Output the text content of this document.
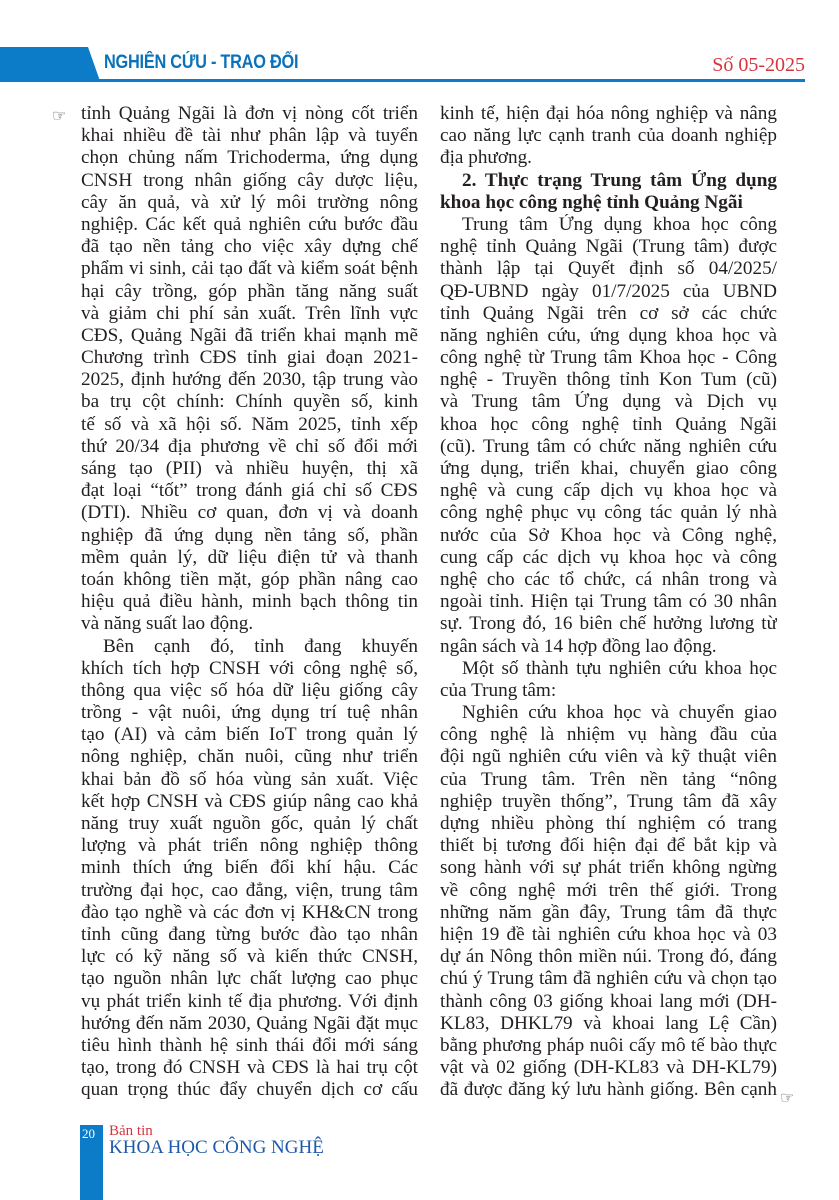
NGHIÊN CỨU - TRAO ĐỔI	Số 05-2025
☞ tỉnh Quảng Ngãi là đơn vị nòng cốt triển
khai nhiều đề tài như phân lập và tuyển
chọn chủng nấm Trichoderma, ứng dụng
CNSH trong nhân giống cây dược liệu,
cây ăn quả, và xử lý môi trường nông
nghiệp. Các kết quả nghiên cứu bước đầu
đã tạo nền tảng cho việc xây dựng chế
phẩm vi sinh, cải tạo đất và kiểm soát bệnh
hại cây trồng, góp phần tăng năng suất
và giảm chi phí sản xuất. Trên lĩnh vực
CĐS, Quảng Ngãi đã triển khai mạnh mẽ
Chương trình CĐS tỉnh giai đoạn 2021-
2025, định hướng đến 2030, tập trung vào
ba trụ cột chính: Chính quyền số, kinh
tế số và xã hội số. Năm 2025, tỉnh xếp
thứ 20/34 địa phương về chỉ số đổi mới
sáng tạo (PII) và nhiều huyện, thị xã
đạt loại “tốt” trong đánh giá chỉ số CĐS
(DTI). Nhiều cơ quan, đơn vị và doanh
nghiệp đã ứng dụng nền tảng số, phần
mềm quản lý, dữ liệu điện tử và thanh
toán không tiền mặt, góp phần nâng cao
hiệu quả điều hành, minh bạch thông tin
và năng suất lao động.
Bên cạnh đó, tỉnh đang khuyến
khích tích hợp CNSH với công nghệ số,
thông qua việc số hóa dữ liệu giống cây
trồng - vật nuôi, ứng dụng trí tuệ nhân
tạo (AI) và cảm biến IoT trong quản lý
nông nghiệp, chăn nuôi, cũng như triển
khai bản đồ số hóa vùng sản xuất. Việc
kết hợp CNSH và CĐS giúp nâng cao khả
năng truy xuất nguồn gốc, quản lý chất
lượng và phát triển nông nghiệp thông
minh thích ứng biến đổi khí hậu. Các
trường đại học, cao đẳng, viện, trung tâm
đào tạo nghề và các đơn vị KH&CN trong
tỉnh cũng đang từng bước đào tạo nhân
lực có kỹ năng số và kiến thức CNSH,
tạo nguồn nhân lực chất lượng cao phục
vụ phát triển kinh tế địa phương. Với định
hướng đến năm 2030, Quảng Ngãi đặt mục
tiêu hình thành hệ sinh thái đổi mới sáng
tạo, trong đó CNSH và CĐS là hai trụ cột
quan trọng thúc đẩy chuyển dịch cơ cấu
kinh tế, hiện đại hóa nông nghiệp và nâng
cao năng lực cạnh tranh của doanh nghiệp
địa phương.
2. Thực trạng Trung tâm Ứng dụng
khoa học công nghệ tỉnh Quảng Ngãi
Trung tâm Ứng dụng khoa học công
nghệ tỉnh Quảng Ngãi (Trung tâm) được
thành lập tại Quyết định số 04/2025/
QĐ-UBND ngày 01/7/2025 của UBND
tỉnh Quảng Ngãi trên cơ sở các chức
năng nghiên cứu, ứng dụng khoa học và
công nghệ từ Trung tâm Khoa học - Công
nghệ - Truyền thông tỉnh Kon Tum (cũ)
và Trung tâm Ứng dụng và Dịch vụ
khoa học công nghệ tỉnh Quảng Ngãi
(cũ). Trung tâm có chức năng nghiên cứu
ứng dụng, triển khai, chuyển giao công
nghệ và cung cấp dịch vụ khoa học và
công nghệ phục vụ công tác quản lý nhà
nước của Sở Khoa học và Công nghệ,
cung cấp các dịch vụ khoa học và công
nghệ cho các tổ chức, cá nhân trong và
ngoài tỉnh. Hiện tại Trung tâm có 30 nhân
sự. Trong đó, 16 biên chế hưởng lương từ
ngân sách và 14 hợp đồng lao động.
Một số thành tựu nghiên cứu khoa học
của Trung tâm:
Nghiên cứu khoa học và chuyển giao
công nghệ là nhiệm vụ hàng đầu của
đội ngũ nghiên cứu viên và kỹ thuật viên
của Trung tâm. Trên nền tảng “nông
nghiệp truyền thống”, Trung tâm đã xây
dựng nhiều phòng thí nghiệm có trang
thiết bị tương đối hiện đại để bắt kịp và
song hành với sự phát triển không ngừng
về công nghệ mới trên thế giới. Trong
những năm gần đây, Trung tâm đã thực
hiện 19 đề tài nghiên cứu khoa học và 03
dự án Nông thôn miền núi. Trong đó, đáng
chú ý Trung tâm đã nghiên cứu và chọn tạo
thành công 03 giống khoai lang mới (DH-
KL83, DHKL79 và khoai lang Lệ Cần)
bằng phương pháp nuôi cấy mô tế bào thực
vật và 02 giống (DH-KL83 và DH-KL79)
đã được đăng ký lưu hành giống. Bên cạnh ☞
20 Bản tin
KHOA HỌC CÔNG NGHỆ
